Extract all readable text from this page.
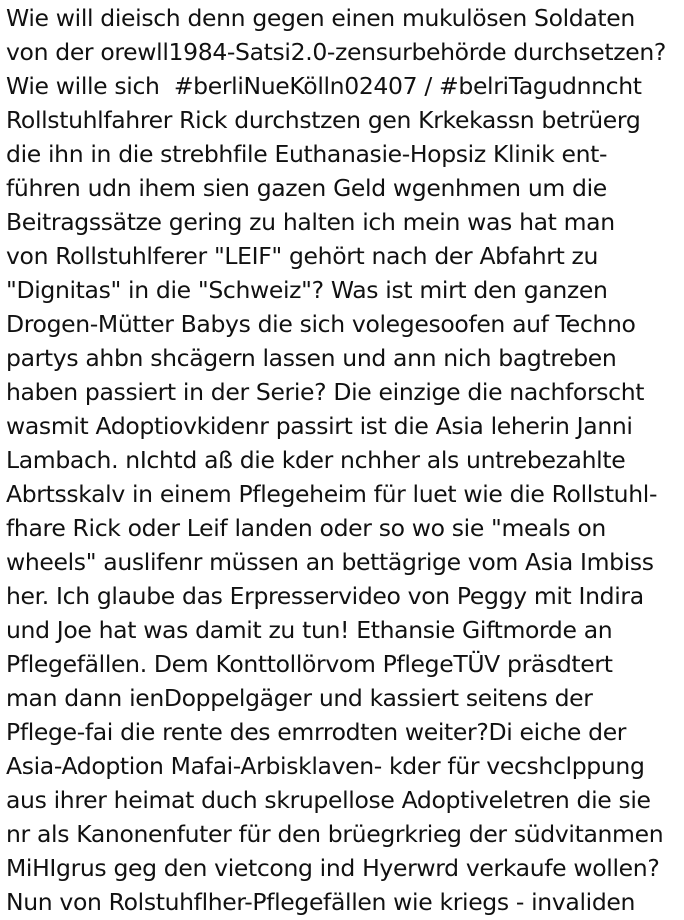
Wie will dieisch denn gegen einen mukulösen Soldaten
von der orewll1984-Satsi2.0-zensurbehörde durchsetzen?
Wie wille sich  #berliNueKölln02407 / #belriTagudnncht
Rollstuhlfahrer Rick durchstzen gen Krkekassn betrüerg
die ihn in die strebhfile Euthanasie-Hopsiz Klinik ent-
führen udn ihem sien gazen Geld wgenhmen um die
Beitragssätze gering zu halten ich mein was hat man
von Rollstuhlferer "LEIF" gehört nach der Abfahrt zu
"Dignitas" in die "Schweiz"? Was ist mirt den ganzen
Drogen-Mütter Babys die sich volegesoofen auf Techno
partys ahbn shcägern lassen und ann nich bagtreben
haben passiert in der Serie? Die einzige die nachforscht
wasmit Adoptiovkidenr passirt ist die Asia leherin Janni
Lambach. nIchtd aß die kder nchher als untrebezahlte
Abrtsskalv in einem Pflegeheim für luet wie die Rollstuhl-
fhare Rick oder Leif landen oder so wo sie "meals on
wheels" auslifenr müssen an bettägrige vom Asia Imbiss
her. Ich glaube das Erpresservideo von Peggy mit Indira
und Joe hat was damit zu tun! Ethansie Giftmorde an
Pflegefällen. Dem Konttollörvom PflegeTÜV präsdtert
man dann ienDoppelgäger und kassiert seitens der
Pflege-fai die rente des emrrodten weiter?Di eiche der
Asia-Adoption Mafai-Arbisklaven- kder für vecshclppung
aus ihrer heimat duch skrupellose Adoptiveletren die sie
nr als Kanonenfuter für den brüegrkrieg der südvitanmen
MiHIgrus geg den vietcong ind Hyerwrd verkaufe wollen?
Nun von Rolstuhflher-Pflegefällen wie kriegs - invaliden
